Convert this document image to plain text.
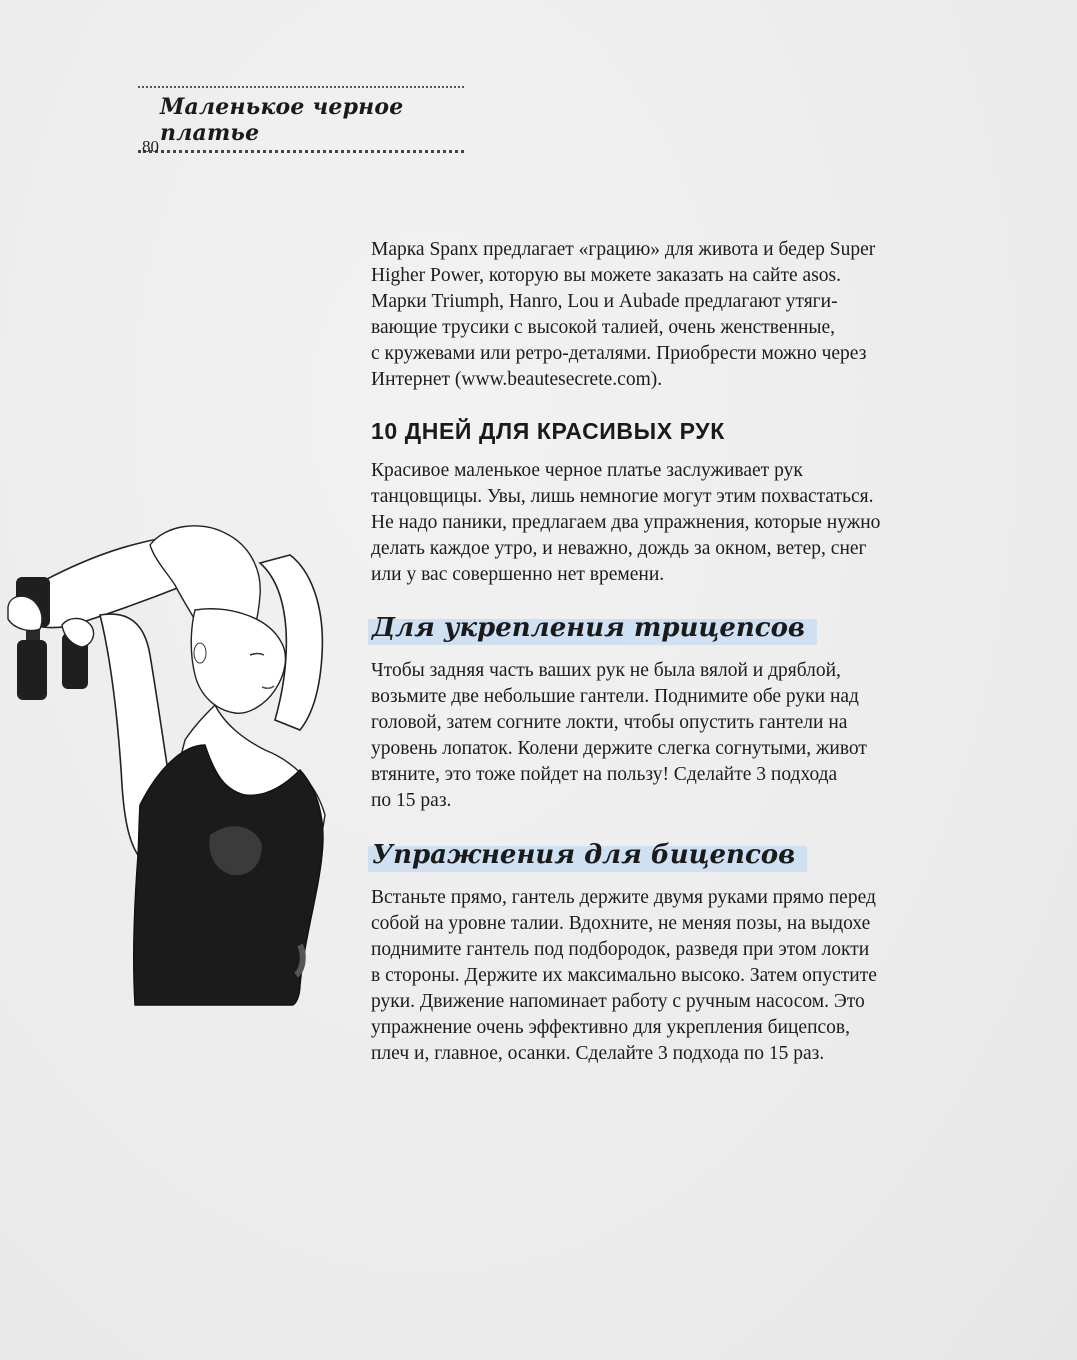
Маленькое черное платье
80

Марка Spanx предлагает «грацию» для живота и бедер Super

Higher Power, которую вы можете заказать на сайте asos.

Марки Triumph, Hanro, Lou и Aubade предлагают утяги-

вающие трусики с высокой талией, очень женственные,

с кружевами или ретро-деталями. Приобрести можно через

Интернет (www.beautesecrete.com).

10 ДНЕЙ ДЛЯ КРАСИВЫХ РУК

Красивое маленькое черное платье заслуживает рук

танцовщицы. Увы, лишь немногие могут этим похвастаться.

Не надо паники, предлагаем два упражнения, которые нужно

делать каждое утро, и неважно, дождь за окном, ветер, снег

или у вас совершенно нет времени.

Для укрепления трицепсов

Чтобы задняя часть ваших рук не была вялой и дряблой,

возьмите две небольшие гантели. Поднимите обе руки над

головой, затем согните локти, чтобы опустить гантели на

уровень лопаток. Колени держите слегка согнутыми, живот

втяните, это тоже пойдет на пользу! Сделайте 3 подхода

по 15 раз.

Упражнения для бицепсов

Встаньте прямо, гантель держите двумя руками прямо перед

собой на уровне талии. Вдохните, не меняя позы, на выдохе

поднимите гантель под подбородок, разведя при этом локти

в стороны. Держите их максимально высоко. Затем опустите

руки. Движение напоминает работу с ручным насосом. Это

упражнение очень эффективно для укрепления бицепсов,

плеч и, главное, осанки. Сделайте 3 подхода по 15 раз.
